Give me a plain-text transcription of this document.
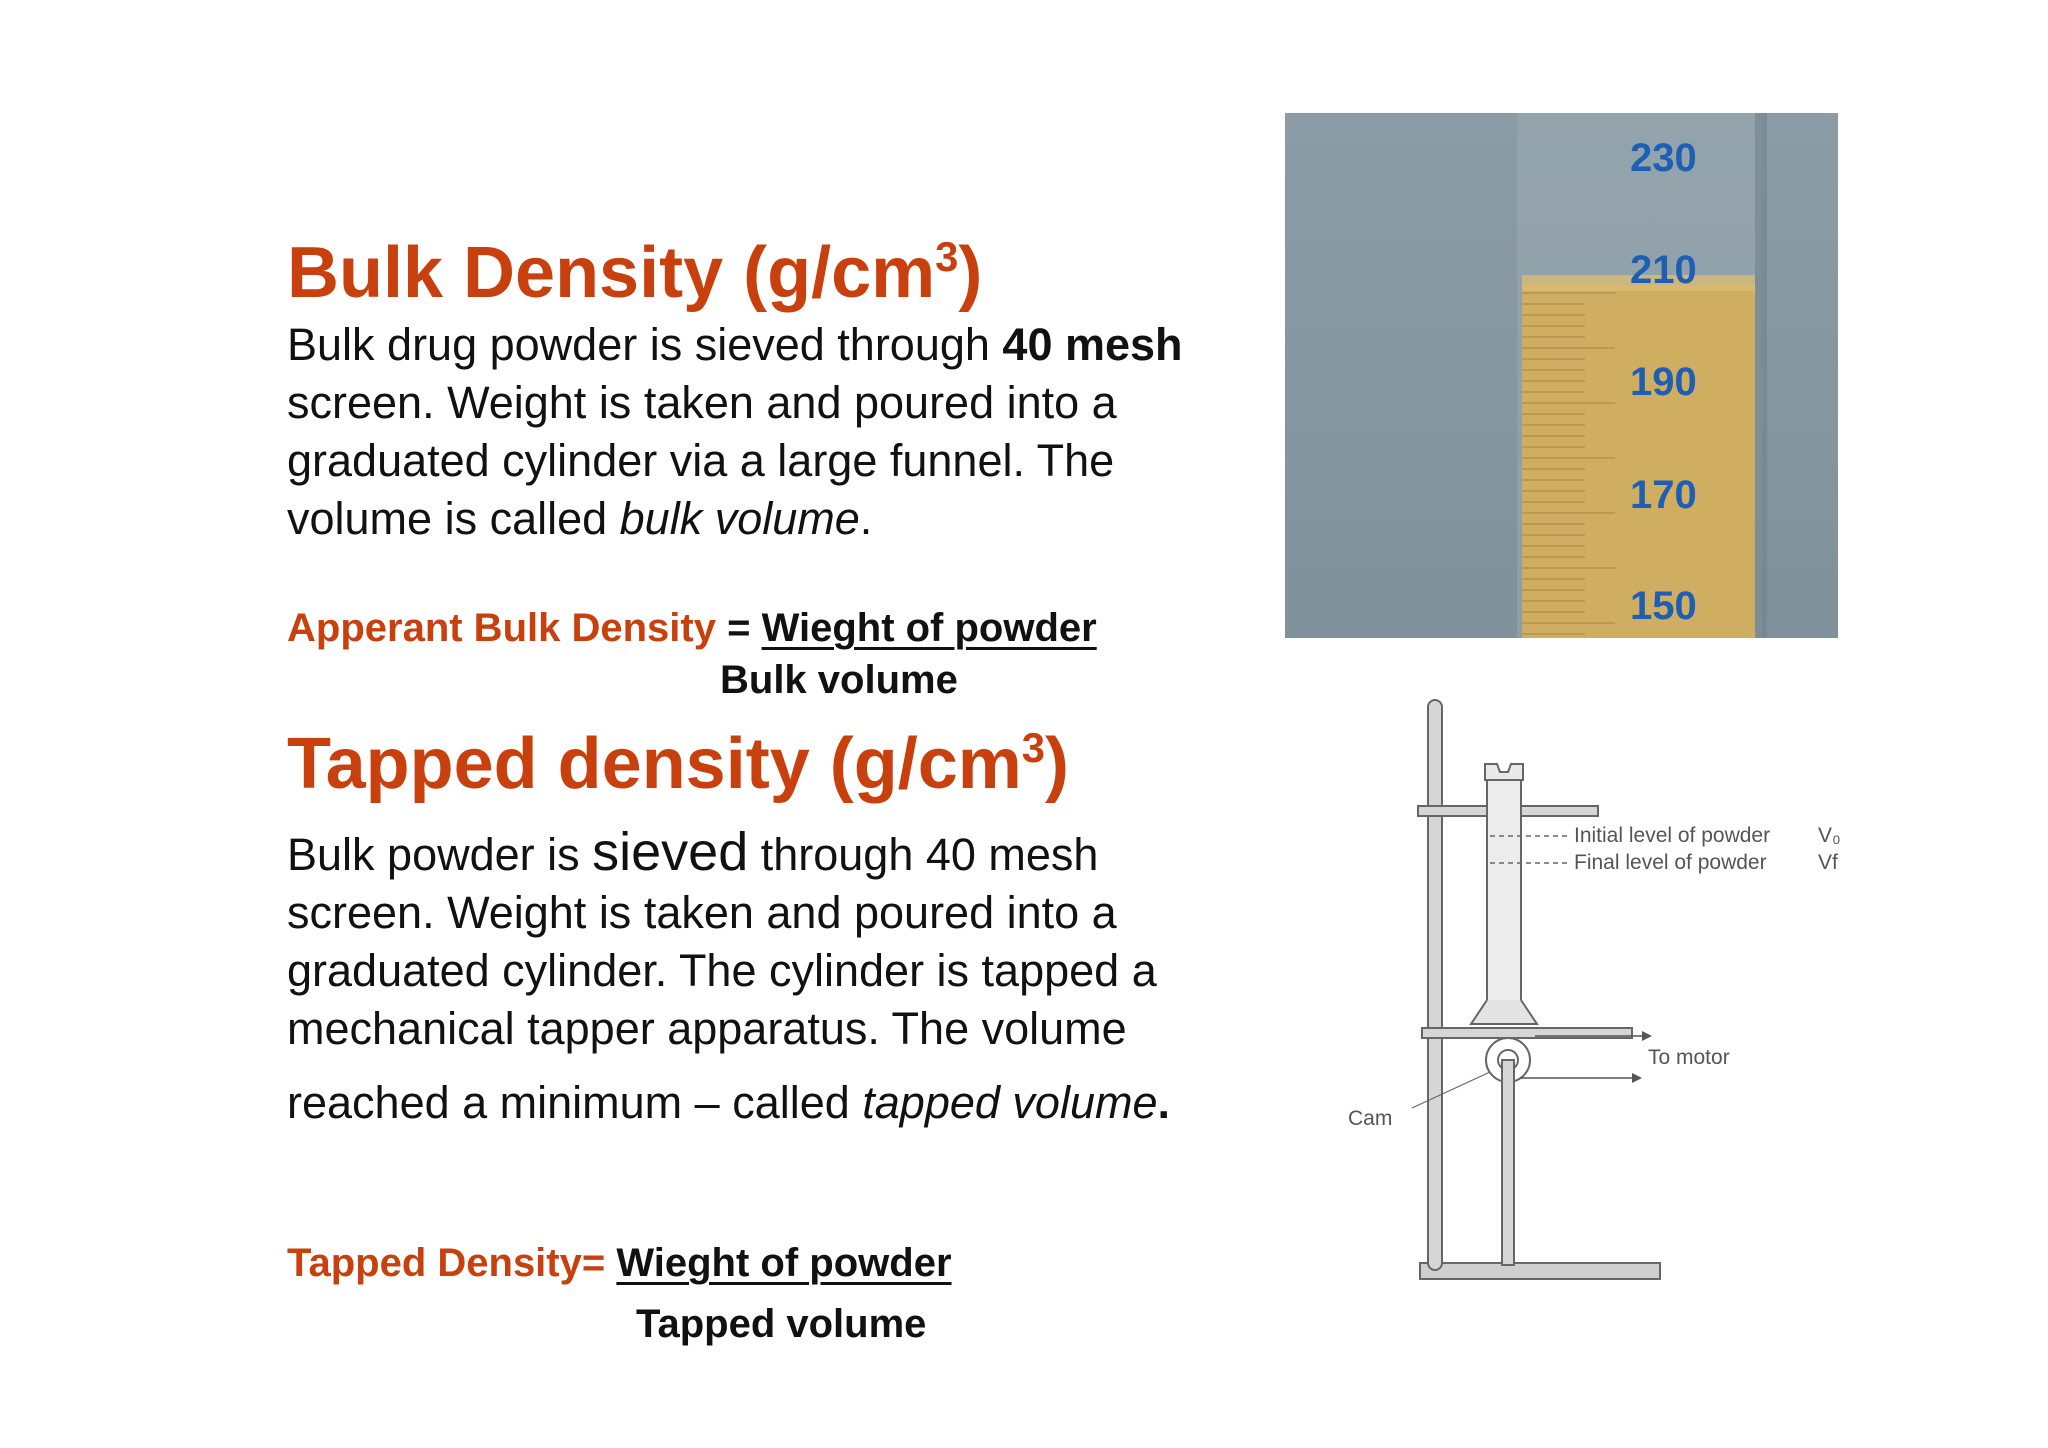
Bulk Density $(g/cm^3)$

Bulk drug powder is sieved through 40 mesh
screen. Weight is taken and poured into a
graduated cylinder via a large funnel. The
volume is called bulk volume.

Apperant Bulk Density = Wieght of powder
Bulk volume
Tapped density $(g/cm^3)$

Bulk powder is sieved through 40 mesh
screen. Weight is taken and poured into a
graduated cylinder. The cylinder is tapped a
mechanical tapper apparatus. The volume
reached a minimum – called tapped volume.

Tapped Density= Wieght of powder
Tapped volume
230
210
190
170
150
Initial level of powder V₀
Final level of powder Vf
To motor
Cam
